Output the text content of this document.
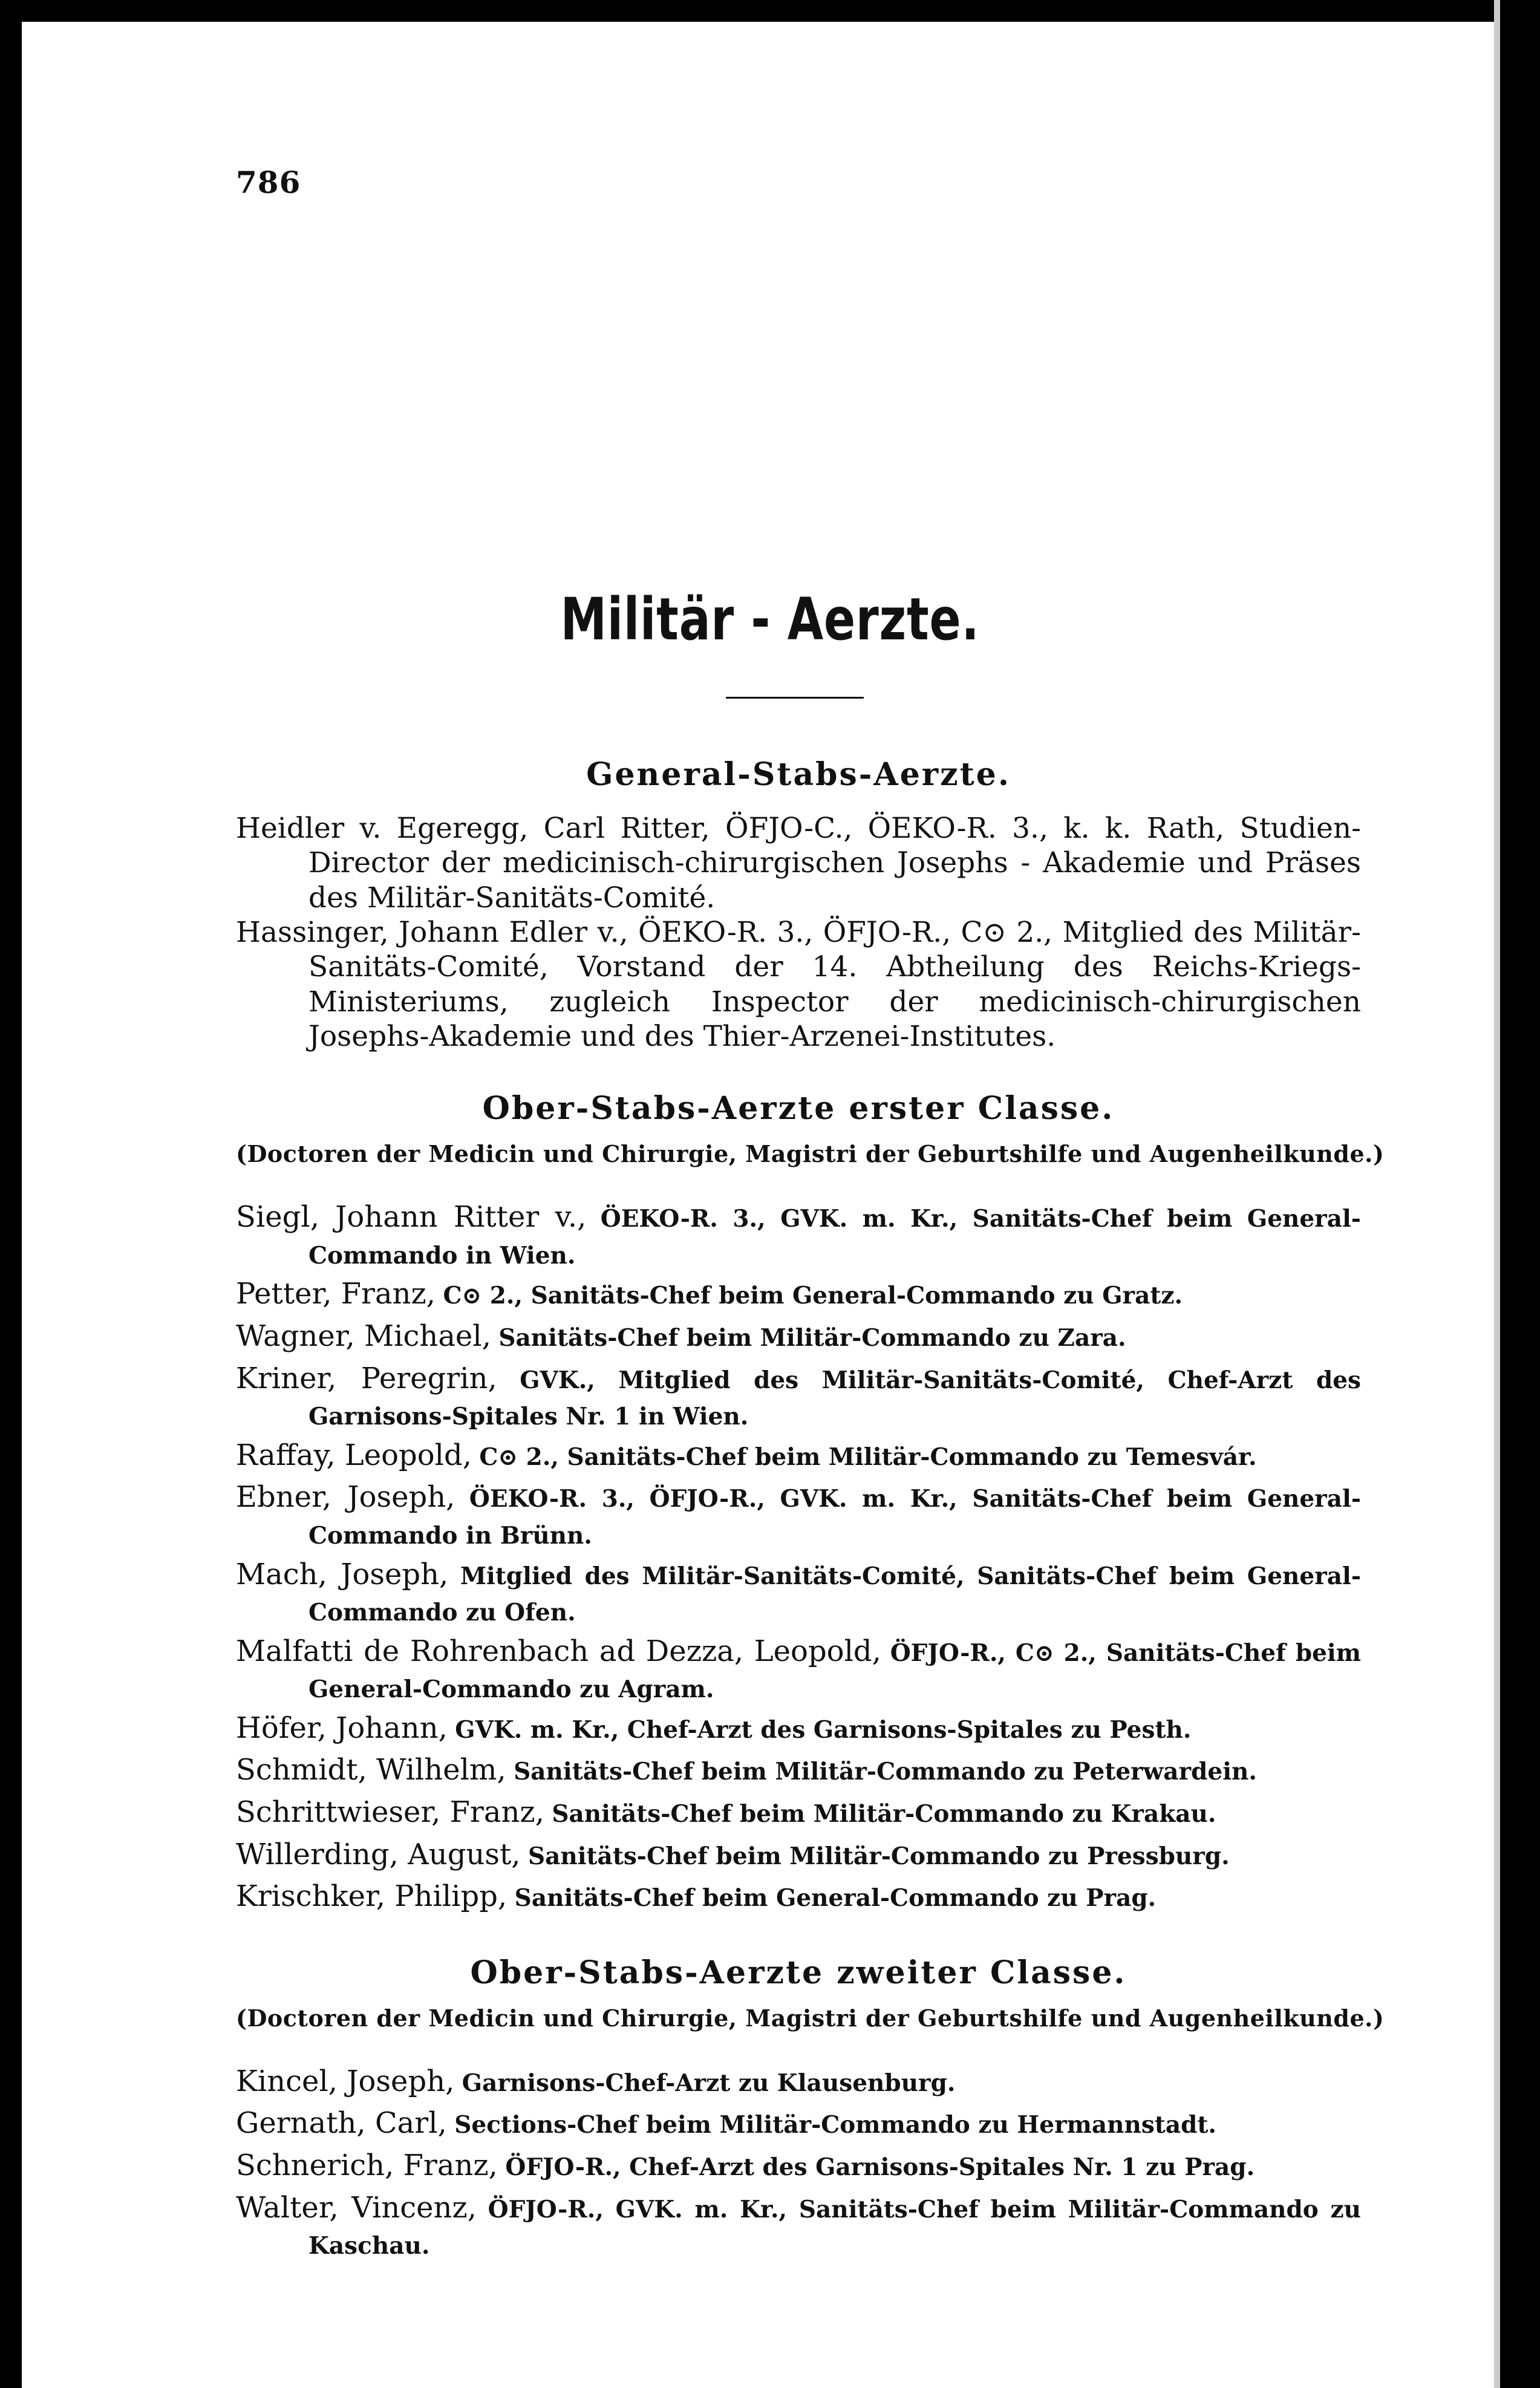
786
Militär - Aerzte.
General-Stabs-Aerzte.

Heidler v. Egeregg, Carl Ritter, ÖFJO-C., ÖEKO-R. 3., k. k. Rath, Studien-Director der medicinisch-chirurgischen Josephs - Akademie und Präses des Militär-Sanitäts-Comité.

Hassinger, Johann Edler v., ÖEKO-R. 3., ÖFJO-R., C⊙ 2., Mitglied des Militär-Sanitäts-Comité, Vorstand der 14. Abtheilung des Reichs-Kriegs-Ministeriums, zugleich Inspector der medicinisch-chirurgischen Josephs-Akademie und des Thier-Arzenei-Institutes.

Ober-Stabs-Aerzte erster Classe.

(Doctoren der Medicin und Chirurgie, Magistri der Geburtshilfe und Augenheilkunde.)

Siegl, Johann Ritter v., ÖEKO-R. 3., GVK. m. Kr., Sanitäts-Chef beim General-Commando in Wien.

Petter, Franz, C⊙ 2., Sanitäts-Chef beim General-Commando zu Gratz.

Wagner, Michael, Sanitäts-Chef beim Militär-Commando zu Zara.

Kriner, Peregrin, GVK., Mitglied des Militär-Sanitäts-Comité, Chef-Arzt des Garnisons-Spitales Nr. 1 in Wien.

Raffay, Leopold, C⊙ 2., Sanitäts-Chef beim Militär-Commando zu Temesvár.

Ebner, Joseph, ÖEKO-R. 3., ÖFJO-R., GVK. m. Kr., Sanitäts-Chef beim General-Commando in Brünn.

Mach, Joseph, Mitglied des Militär-Sanitäts-Comité, Sanitäts-Chef beim General-Commando zu Ofen.

Malfatti de Rohrenbach ad Dezza, Leopold, ÖFJO-R., C⊙ 2., Sanitäts-Chef beim General-Commando zu Agram.

Höfer, Johann, GVK. m. Kr., Chef-Arzt des Garnisons-Spitales zu Pesth.

Schmidt, Wilhelm, Sanitäts-Chef beim Militär-Commando zu Peterwardein.

Schrittwieser, Franz, Sanitäts-Chef beim Militär-Commando zu Krakau.

Willerding, August, Sanitäts-Chef beim Militär-Commando zu Pressburg.

Krischker, Philipp, Sanitäts-Chef beim General-Commando zu Prag.

Ober-Stabs-Aerzte zweiter Classe.

(Doctoren der Medicin und Chirurgie, Magistri der Geburtshilfe und Augenheilkunde.)

Kincel, Joseph, Garnisons-Chef-Arzt zu Klausenburg.

Gernath, Carl, Sections-Chef beim Militär-Commando zu Hermannstadt.

Schnerich, Franz, ÖFJO-R., Chef-Arzt des Garnisons-Spitales Nr. 1 zu Prag.

Walter, Vincenz, ÖFJO-R., GVK. m. Kr., Sanitäts-Chef beim Militär-Commando zu Kaschau.
